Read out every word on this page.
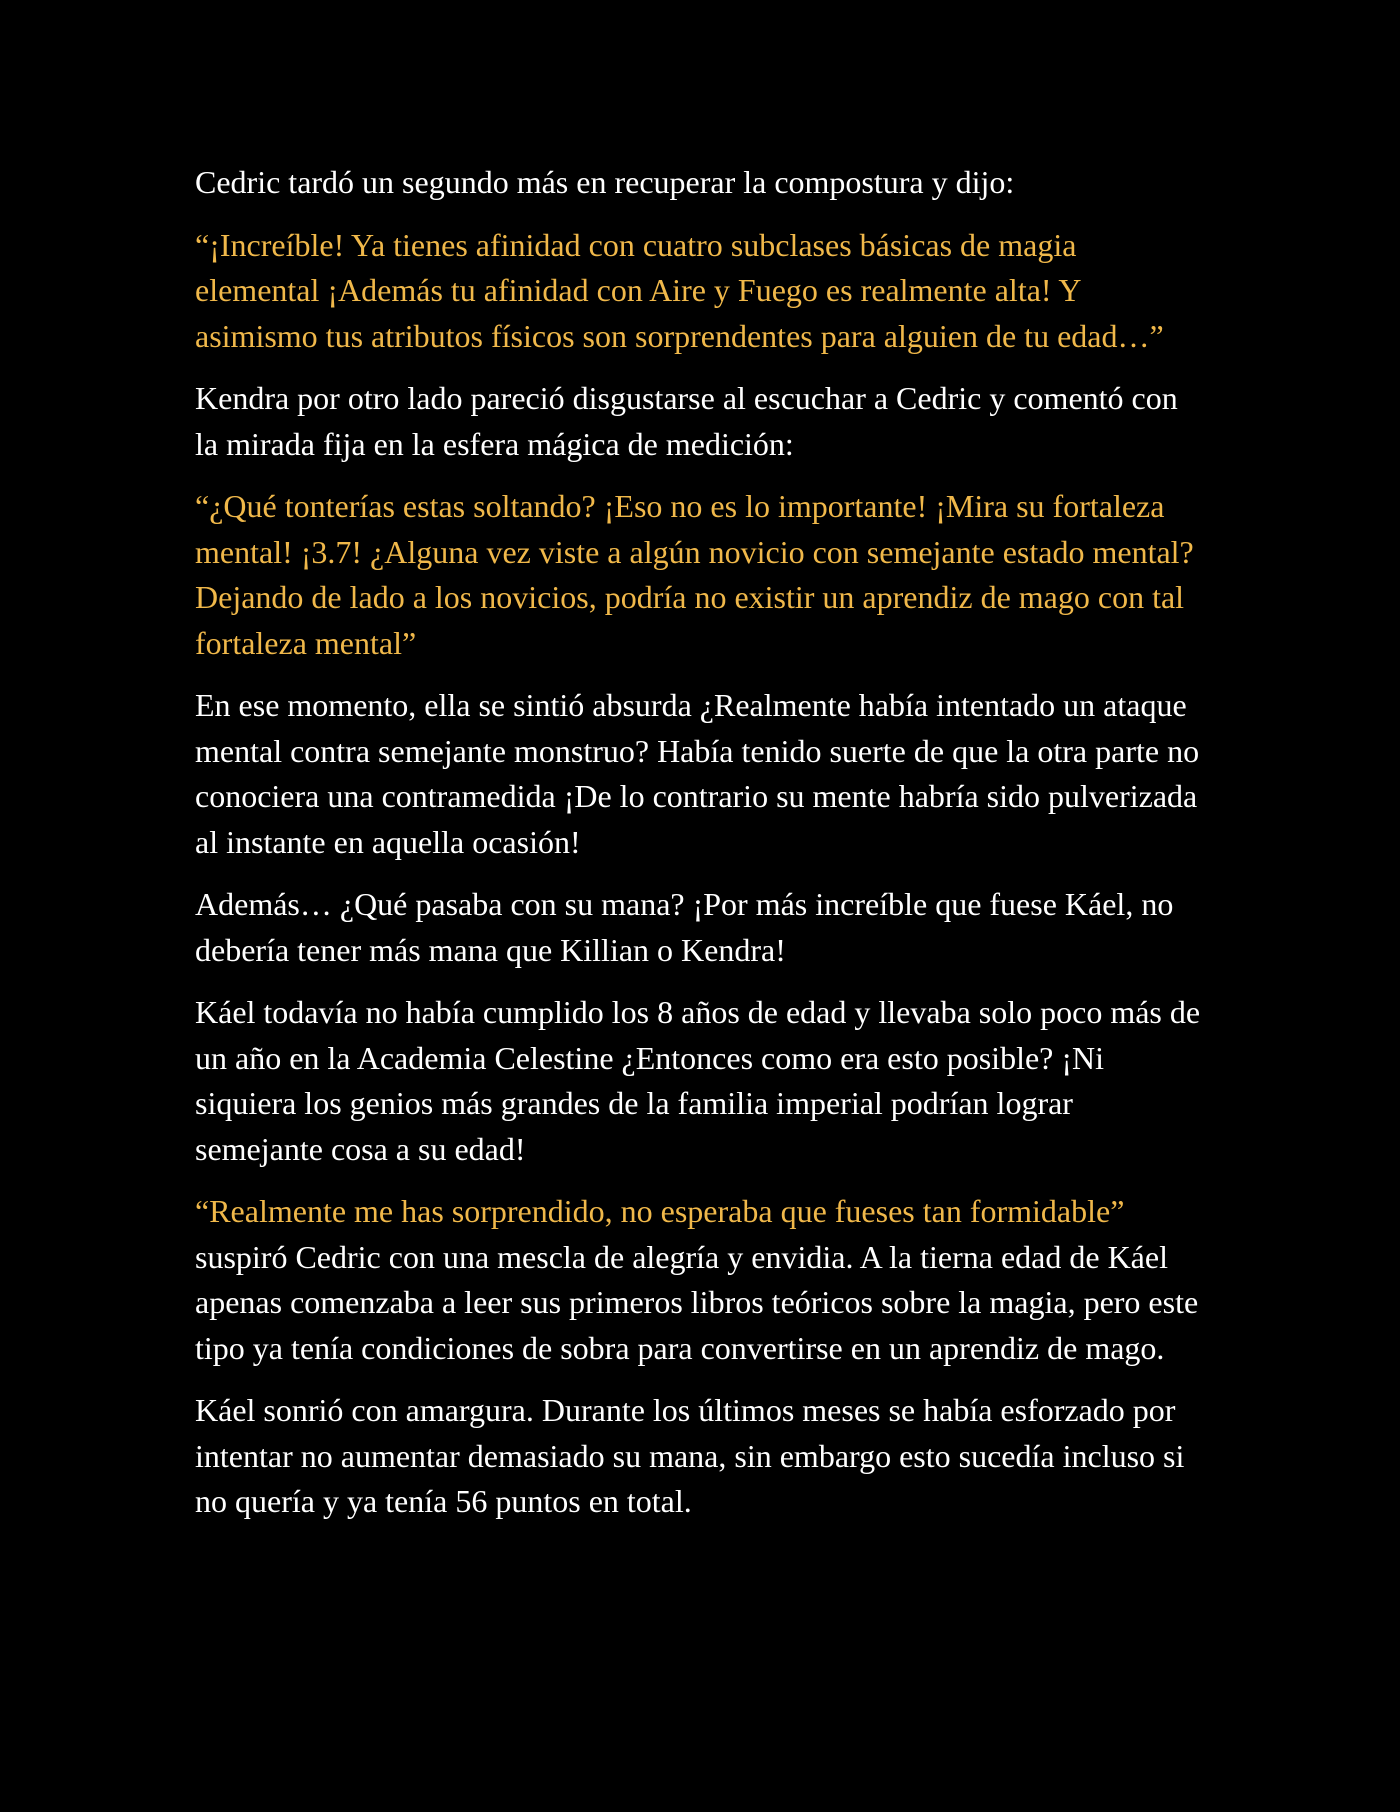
Cedric tardó un segundo más en recuperar la compostura y dijo:

“¡Increíble! Ya tienes afinidad con cuatro subclases básicas de magia elemental ¡Además tu afinidad con Aire y Fuego es realmente alta! Y asimismo tus atributos físicos son sorprendentes para alguien de tu edad…”

Kendra por otro lado pareció disgustarse al escuchar a Cedric y comentó con la mirada fija en la esfera mágica de medición:

“¿Qué tonterías estas soltando? ¡Eso no es lo importante! ¡Mira su fortaleza mental! ¡3.7! ¿Alguna vez viste a algún novicio con semejante estado mental? Dejando de lado a los novicios, podría no existir un aprendiz de mago con tal fortaleza mental”

En ese momento, ella se sintió absurda ¿Realmente había intentado un ataque mental contra semejante monstruo? Había tenido suerte de que la otra parte no conociera una contramedida ¡De lo contrario su mente habría sido pulverizada al instante en aquella ocasión!

Además… ¿Qué pasaba con su mana? ¡Por más increíble que fuese Káel, no debería tener más mana que Killian o Kendra!

Káel todavía no había cumplido los 8 años de edad y llevaba solo poco más de un año en la Academia Celestine ¿Entonces como era esto posible? ¡Ni siquiera los genios más grandes de la familia imperial podrían lograr semejante cosa a su edad!

“Realmente me has sorprendido, no esperaba que fueses tan formidable” suspiró Cedric con una mescla de alegría y envidia. A la tierna edad de Káel apenas comenzaba a leer sus primeros libros teóricos sobre la magia, pero este tipo ya tenía condiciones de sobra para convertirse en un aprendiz de mago.

Káel sonrió con amargura. Durante los últimos meses se había esforzado por intentar no aumentar demasiado su mana, sin embargo esto sucedía incluso si no quería y ya tenía 56 puntos en total.
